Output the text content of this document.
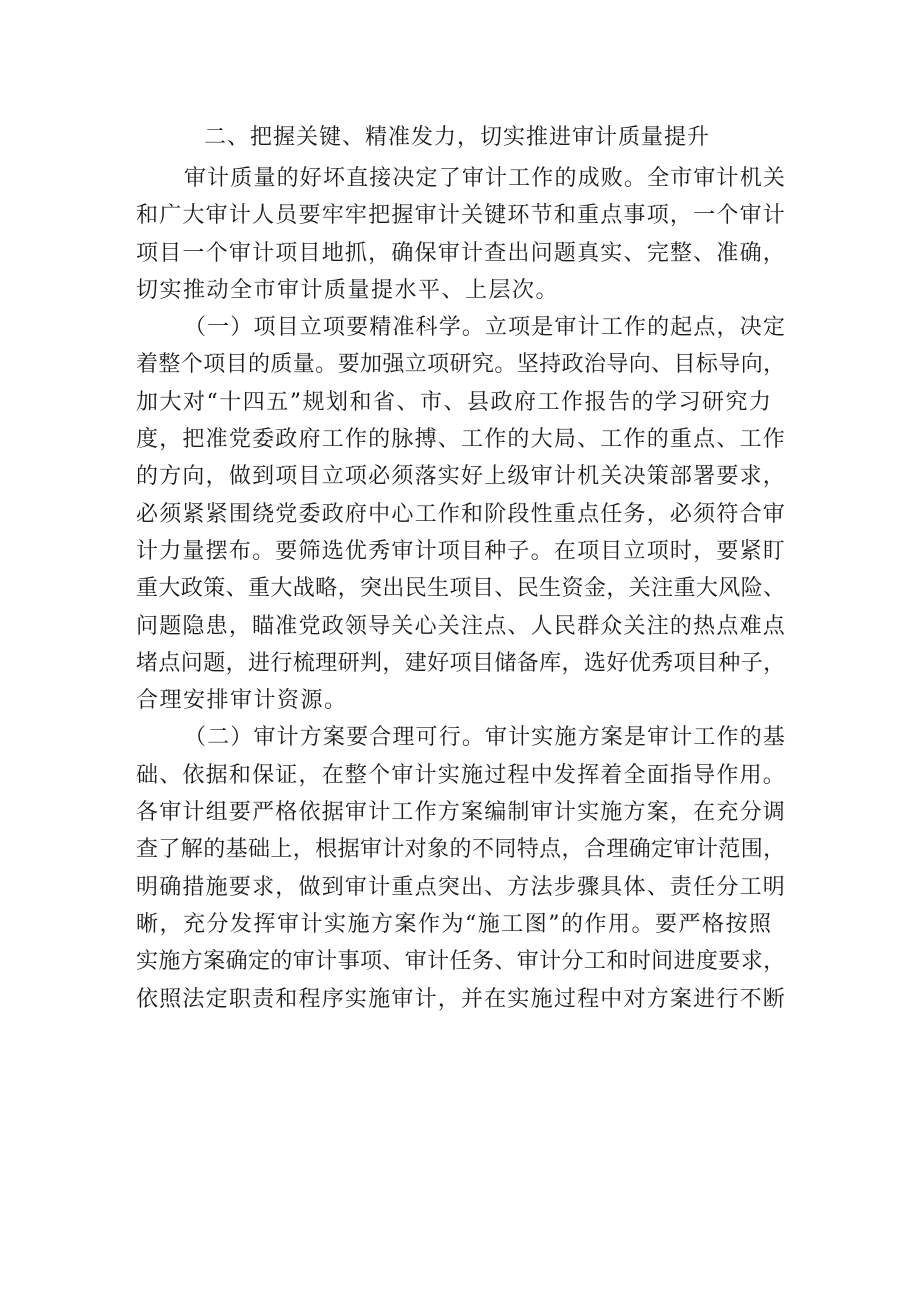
二、把握关键、精准发力，切实推进审计质量提升

审计质量的好坏直接决定了审计工作的成败。全市审计机关
和广大审计人员要牢牢把握审计关键环节和重点事项，一个审计
项目一个审计项目地抓，确保审计查出问题真实、完整、准确，
切实推动全市审计质量提水平、上层次。

（一）项目立项要精准科学。立项是审计工作的起点，决定
着整个项目的质量。要加强立项研究。坚持政治导向、目标导向，
加大对“十四五”规划和省、市、县政府工作报告的学习研究力
度，把准党委政府工作的脉搏、工作的大局、工作的重点、工作
的方向，做到项目立项必须落实好上级审计机关决策部署要求，
必须紧紧围绕党委政府中心工作和阶段性重点任务，必须符合审
计力量摆布。要筛选优秀审计项目种子。在项目立项时，要紧盯
重大政策、重大战略，突出民生项目、民生资金，关注重大风险、
问题隐患，瞄准党政领导关心关注点、人民群众关注的热点难点
堵点问题，进行梳理研判，建好项目储备库，选好优秀项目种子，
合理安排审计资源。

（二）审计方案要合理可行。审计实施方案是审计工作的基
础、依据和保证，在整个审计实施过程中发挥着全面指导作用。
各审计组要严格依据审计工作方案编制审计实施方案，在充分调
查了解的基础上，根据审计对象的不同特点，合理确定审计范围，
明确措施要求，做到审计重点突出、方法步骤具体、责任分工明
晰，充分发挥审计实施方案作为“施工图”的作用。要严格按照
实施方案确定的审计事项、审计任务、审计分工和时间进度要求，
依照法定职责和程序实施审计，并在实施过程中对方案进行不断
